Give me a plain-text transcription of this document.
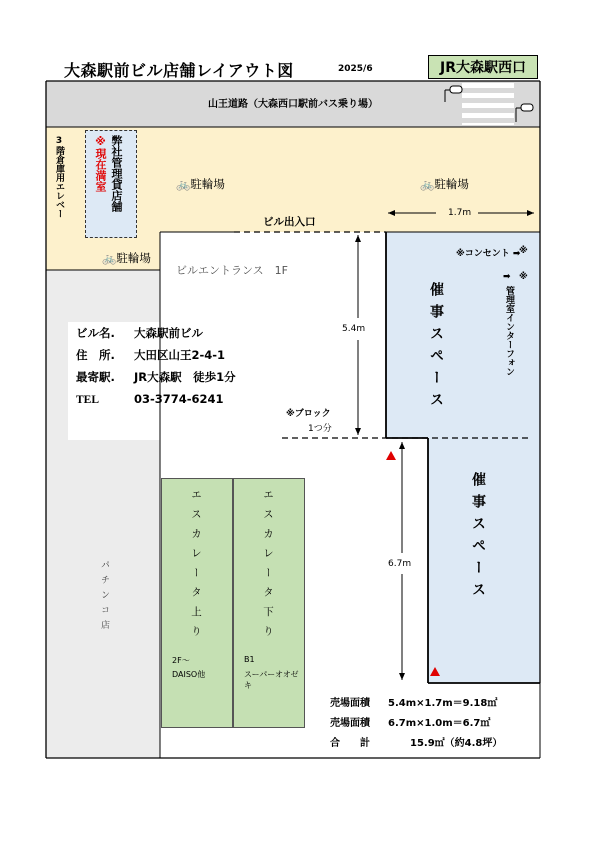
大森駅前ビル店舗レイアウト図	2025/6	JR大森駅西口
山王道路（大森西口駅前バス乗り場）
パチンコ店
弊社管理貸店舗
※現在満室
3階倉庫用エレベー	🚲駐輪場	🚲駐輪場
🚲駐輪場
ビル出入口
ビルエントランス　1F
1.7m
5.4m
6.7m
ビル名. 大森駅前ビル
住　所. 大田区山王2-4-1
最寄駅. JR大森駅　徒歩1分
TEL	03-3774-6241
※ブロック
1つ分
催事スペース
催事スペース
※コンセント ➡
※
➡ ※
管理室インターフォン
エスカレータ上り
2F〜
DAISO他
エスカレータ下り
B1
スーパーオオゼキ
売場面積 5.4m×1.7m＝9.18㎡
売場面積 6.7m×1.0m＝6.7㎡
合　　計	15.9㎡（約4.8坪）
